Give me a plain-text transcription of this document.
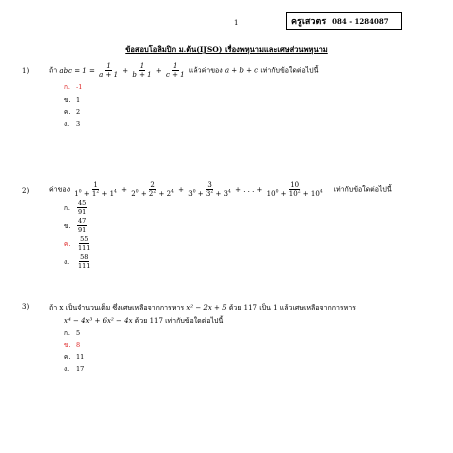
1	ครูเสวตร 084 - 1284087
ข้อสอบโอลิมปิก ม.ต้น(IJSO) เรื่องพหุนามและเศษส่วนพหุนาม
1)	ถ้า abc = $1 = \frac{1}{a + 1} + \frac{1}{b + 1} + \frac{1}{c + 1}$ แล้วค่าของ a + b + c เท่ากับข้อใดต่อไปนี้
ก. -1
ข. 1
ค. 2
ง. 3
2)	ค่าของ $\frac{1}{1^0 + 1^2 + 1^4} + \frac{2}{2^0 + 2^2 + 2^4} + \frac{3}{3^0 + 3^2 + 3^4}$ + . . . + $\frac{10}{10^0 + 10^2 + 10^4}$ เท่ากับข้อใดต่อไปนี้
ก. $\frac{45}{91}$
ข. $\frac{47}{91}$
ค. $\frac{55}{111}$
ง. $\frac{58}{111}$
3)	ถ้า x เป็นจำนวนเต็ม ซึ่งเศษเหลือจากการหาร x² − 2x + 5 ด้วย 117 เป็น 1 แล้วเศษเหลือจากการหาร
x⁴ − 4x³ + 6x² − 4x ด้วย 117 เท่ากับข้อใดต่อไปนี้
ก. 5
ข. 8
ค. 11
ง. 17
